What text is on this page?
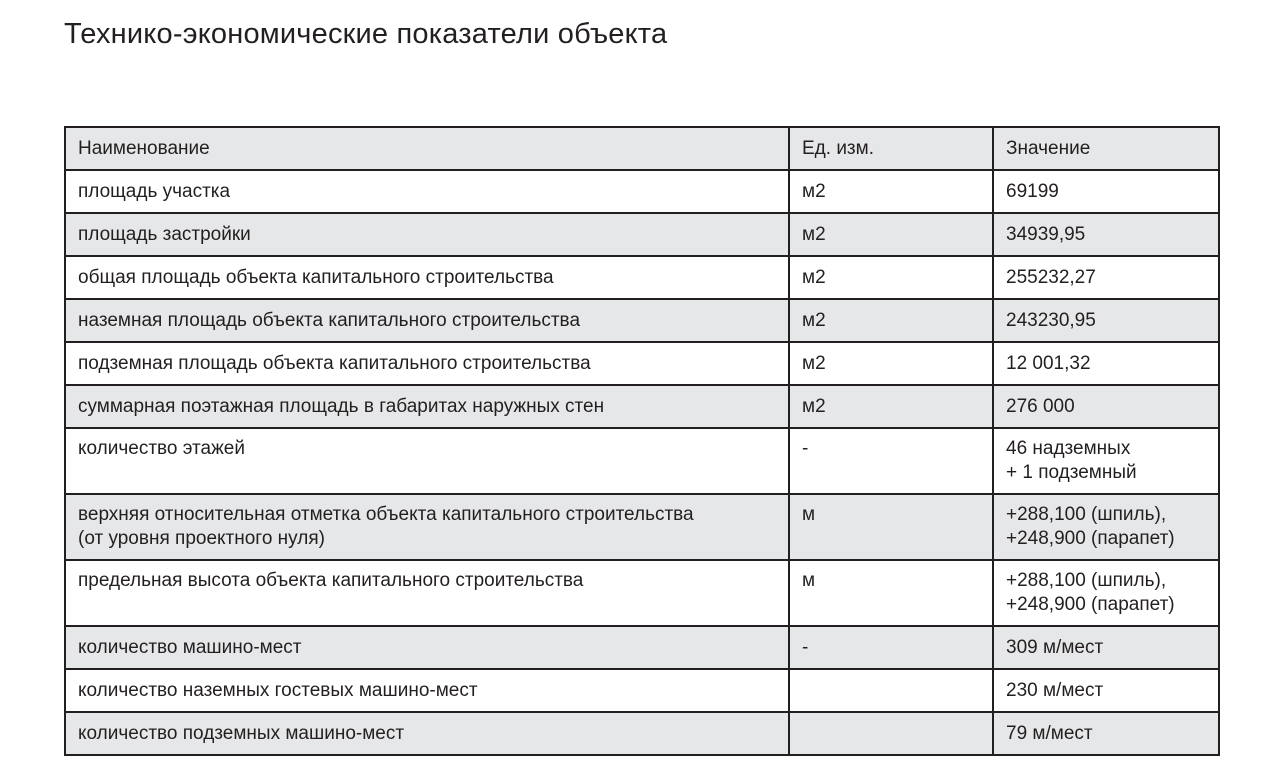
Технико-экономические показатели объекта
Наименование	Ед. изм.	Значение
площадь участка	м2	69199
площадь застройки	м2	34939,95
общая площадь объекта капитального строительства	м2	255232,27
наземная площадь объекта капитального строительства	м2	243230,95
подземная площадь объекта капитального строительства	м2	12 001,32
суммарная поэтажная площадь в габаритах наружных стен	м2	276 000
количество этажей	-	46 надземных
+ 1 подземный
верхняя относительная отметка объекта капитального строительства
(от уровня проектного нуля)	м	+288,100 (шпиль),
+248,900 (парапет)
предельная высота объекта капитального строительства	м	+288,100 (шпиль),
+248,900 (парапет)
количество машино-мест	-	309 м/мест
количество наземных гостевых машино-мест		230 м/мест
количество подземных машино-мест		79 м/мест
